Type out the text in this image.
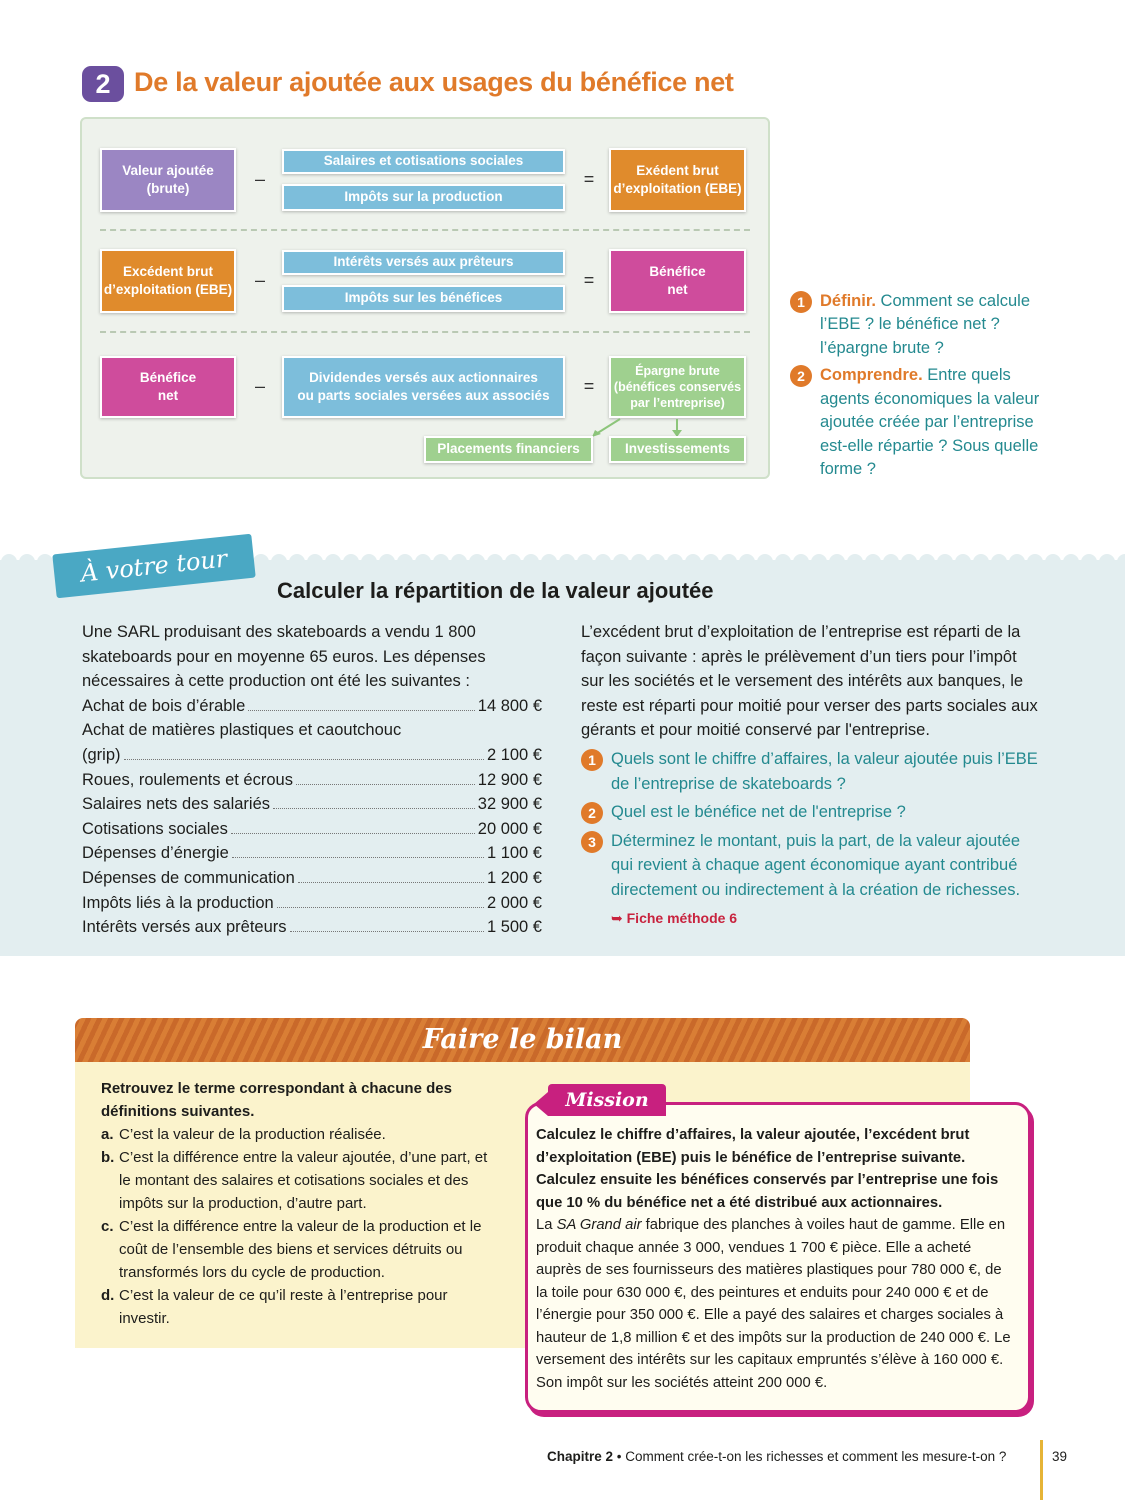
2 De la valeur ajoutée aux usages du bénéfice net
Valeur ajoutée
(brute)	–
Salaires et cotisations sociales
Impôts sur la production
=	Exédent brut
d’exploitation (EBE)
Excédent brut
d’exploitation (EBE) –
Intérêts versés aux prêteurs
Impôts sur les bénéfices
=	Bénéfice
net
Bénéfice
net	–	Dividendes versés aux actionnaires
ou parts sociales versées aux associés	=
Épargne brute
(bénéfices conservés
par l’entreprise)
Placements financiers	Investissements
1 Définir. Comment se calcule l’EBE ? le bénéfice net ? l’épargne brute ?
2 Comprendre. Entre quels agents économiques la valeur ajoutée créée par l’entreprise est-elle répartie ? Sous quelle forme ?
À votre tour
Calculer la répartition de la valeur ajoutée
Une SARL produisant des skateboards a vendu 1 800 skateboards pour en moyenne 65 euros. Les dépenses nécessaires à cette production ont été les suivantes :
Achat de bois d’érable	14 800 €
Achat de matières plastiques et caoutchouc
(grip)	2 100 €
Roues, roulements et écrous	12 900 €
Salaires nets des salariés	32 900 €
Cotisations sociales	20 000 €
Dépenses d’énergie	1 100 €
Dépenses de communication	1 200 €
Impôts liés à la production	2 000 €
Intérêts versés aux prêteurs	1 500 €
L’excédent brut d’exploitation de l’entreprise est réparti de la façon suivante : après le prélèvement d’un tiers pour l’impôt sur les sociétés et le versement des intérêts aux banques, le reste est réparti pour moitié pour verser des parts sociales aux gérants et pour moitié conservé par l'entreprise.
1 Quels sont le chiffre d’affaires, la valeur ajoutée puis l’EBE de l’entreprise de skateboards ?
2 Quel est le bénéfice net de l'entreprise ?
3 Déterminez le montant, puis la part, de la valeur ajoutée qui revient à chaque agent économique ayant contribué directement ou indirectement à la création de richesses.
➥ Fiche méthode 6
Faire le bilan
Retrouvez le terme correspondant à chacune des définitions suivantes.
a. C’est la valeur de la production réalisée.
b. C’est la différence entre la valeur ajoutée, d’une part, et le montant des salaires et cotisations sociales et des impôts sur la production, d’autre part.
c. C’est la différence entre la valeur de la production et le coût de l’ensemble des biens et services détruits ou transformés lors du cycle de production.
d. C’est la valeur de ce qu’il reste à l’entreprise pour investir.
Mission
Calculez le chiffre d’affaires, la valeur ajoutée, l’excédent brut d’exploitation (EBE) puis le bénéfice de l’entreprise suivante. Calculez ensuite les bénéfices conservés par l’entreprise une fois que 10 % du bénéfice net a été distribué aux actionnaires.
La SA Grand air fabrique des planches à voiles haut de gamme. Elle en produit chaque année 3 000, vendues 1 700 € pièce. Elle a acheté auprès de ses fournisseurs des matières plastiques pour 780 000 €, de la toile pour 630 000 €, des peintures et enduits pour 240 000 € et de l’énergie pour 350 000 €. Elle a payé des salaires et charges sociales à hauteur de 1,8 million € et des impôts sur la production de 240 000 €. Le versement des intérêts sur les capitaux empruntés s’élève à 160 000 €. Son impôt sur les sociétés atteint 200 000 €.
Chapitre 2 • Comment crée-t-on les richesses et comment les mesure-t-on ?	39
